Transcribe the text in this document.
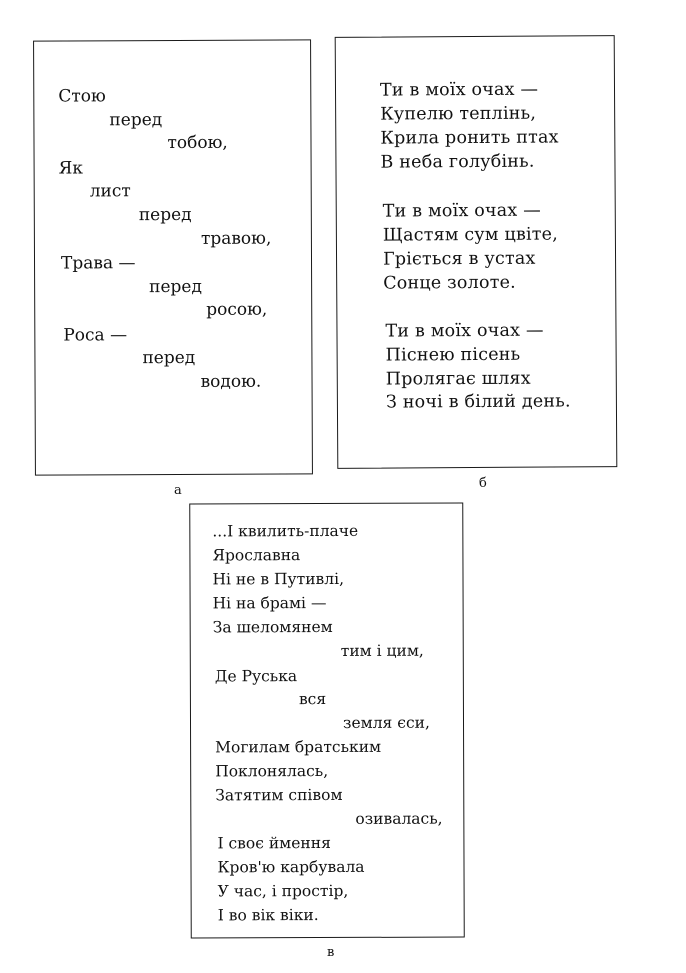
Стою
перед
тобою,
Як
лист
перед
травою,
Трава —
перед
росою,
Роса —
перед
водою.
а
Ти в моїх очах —
Купелю теплінь,
Крила ронить птах
В неба голубінь.
Ти в моїх очах —
Щастям сум цвіте,
Гріється в устах
Сонце золоте.
Ти в моїх очах —
Піснею пісень
Пролягає шлях
З ночі в білий день.
б
...І квилить-плаче
Ярославна
Ні не в Путивлі,
Ні на брамі —
За шеломянем
тим і цим,
Де Руська
вся
земля єси,
Могилам братським
Поклонялась,
Затятим співом
озивалась,
І своє ймення
Кров'ю карбувала
У час, і простір,
І во вік віки.
в
